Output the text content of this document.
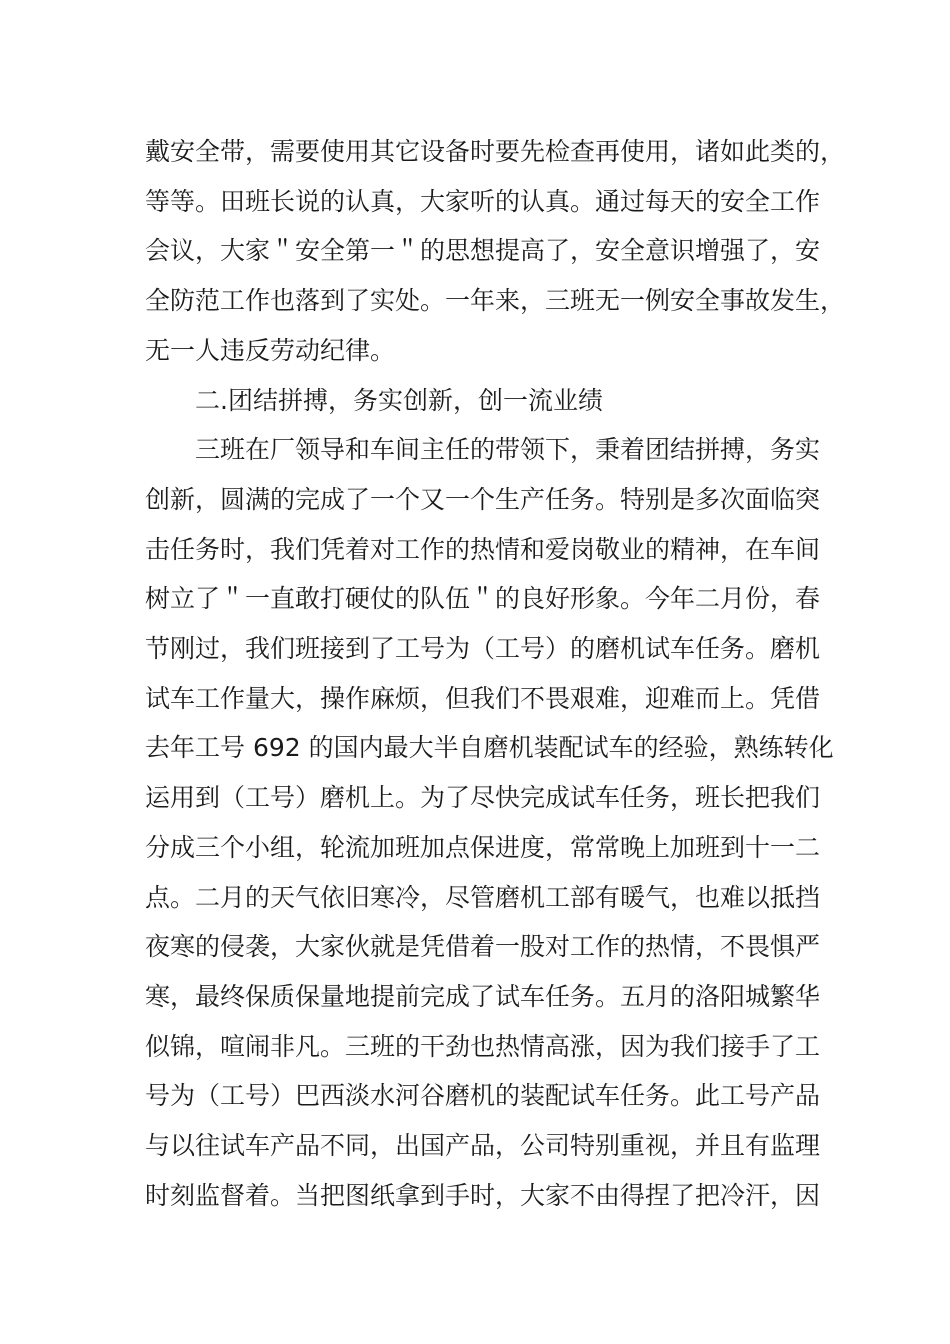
戴安全带，需要使用其它设备时要先检查再使用，诸如此类的，
等等。田班长说的认真，大家听的认真。通过每天的安全工作
会议，大家＂安全第一＂的思想提高了，安全意识增强了，安
全防范工作也落到了实处。一年来，三班无一例安全事故发生，
无一人违反劳动纪律。

二.团结拼搏，务实创新，创一流业绩

三班在厂领导和车间主任的带领下，秉着团结拼搏，务实
创新，圆满的完成了一个又一个生产任务。特别是多次面临突
击任务时，我们凭着对工作的热情和爱岗敬业的精神，在车间
树立了＂一直敢打硬仗的队伍＂的良好形象。今年二月份，春
节刚过，我们班接到了工号为（工号）的磨机试车任务。磨机
试车工作量大，操作麻烦，但我们不畏艰难，迎难而上。凭借
去年工号 692 的国内最大半自磨机装配试车的经验，熟练转化
运用到（工号）磨机上。为了尽快完成试车任务，班长把我们
分成三个小组，轮流加班加点保进度，常常晚上加班到十一二
点。二月的天气依旧寒冷，尽管磨机工部有暖气，也难以抵挡
夜寒的侵袭，大家伙就是凭借着一股对工作的热情，不畏惧严
寒，最终保质保量地提前完成了试车任务。五月的洛阳城繁华
似锦，喧闹非凡。三班的干劲也热情高涨，因为我们接手了工
号为（工号）巴西淡水河谷磨机的装配试车任务。此工号产品
与以往试车产品不同，出国产品，公司特别重视，并且有监理
时刻监督着。当把图纸拿到手时，大家不由得捏了把冷汗，因
